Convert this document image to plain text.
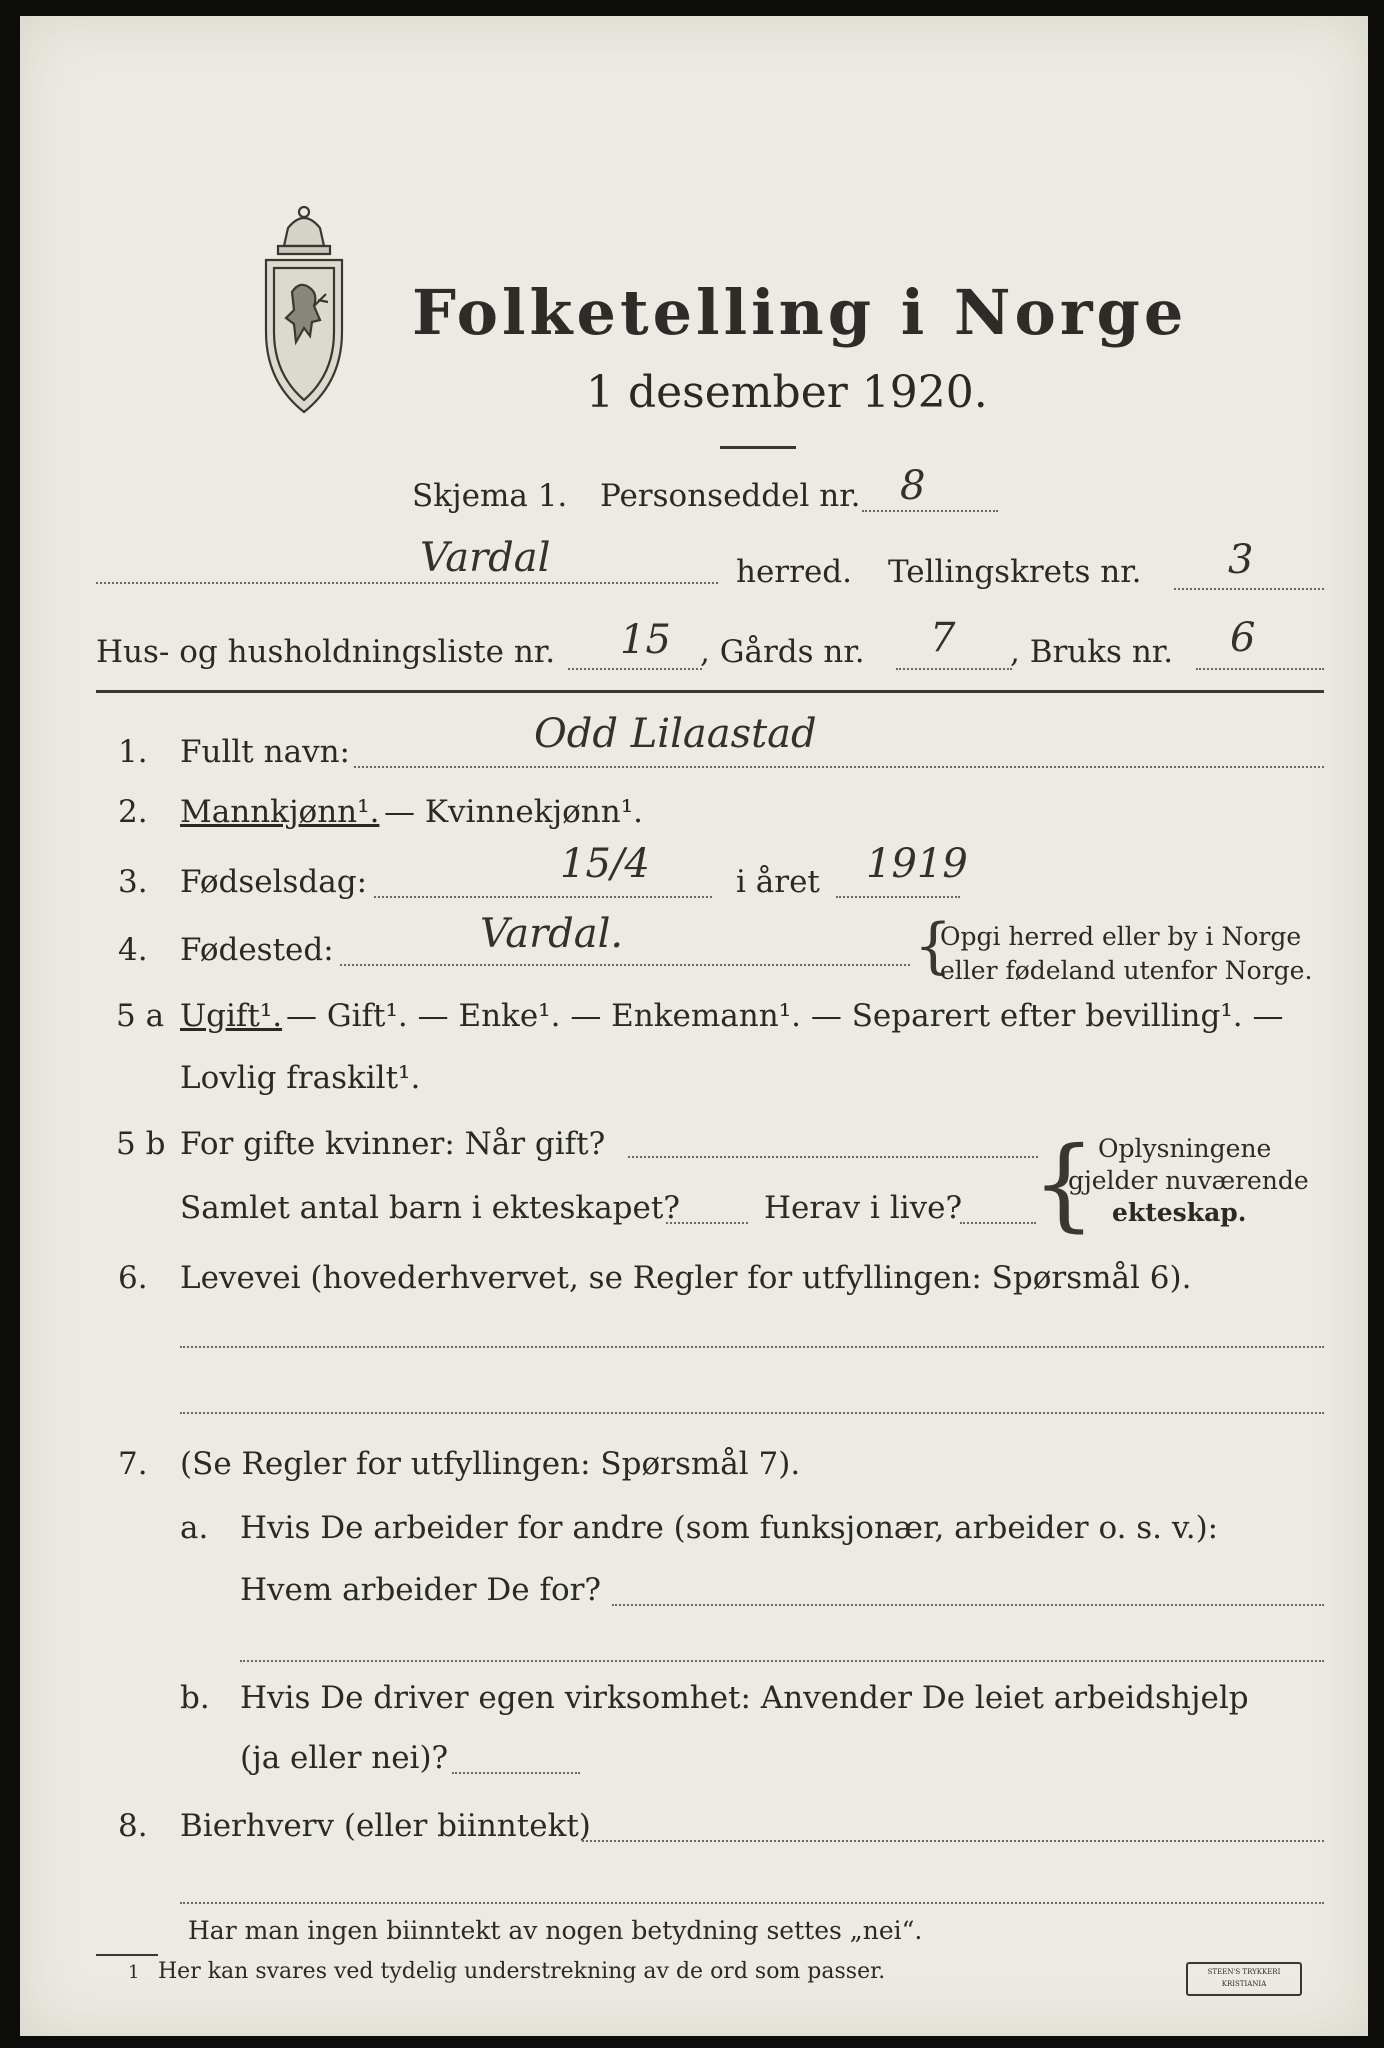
Folketelling i Norge
1 desember 1920.
Skjema 1. Personseddel nr. 8
Vardal	herred. Tellingskrets nr. 3
Hus- og husholdningsliste nr. 15 , Gårds nr. 7 , Bruks nr. 6
1. Fullt navn:	Odd Lilaastad
2. Mannkjønn¹. — Kvinnekjønn¹.
3. Fødselsdag:	15/4	i året 1919
4. Fødested:	Vardal.	{
Opgi herred eller by i Norge
eller fødeland utenfor Norge.
5 a Ugift¹. — Gift¹. — Enke¹. — Enkemann¹. — Separert efter bevilling¹. —
Lovlig fraskilt¹.
5 b For gifte kvinner: Når gift?
Samlet antal barn i ekteskapet?	Herav i live? { Oplysningene
gjelder nuværende
ekteskap.
6. Levevei (hovederhvervet, se Regler for utfyllingen: Spørsmål 6).
7. (Se Regler for utfyllingen: Spørsmål 7).
a. Hvis De arbeider for andre (som funksjonær, arbeider o. s. v.):
Hvem arbeider De for?
b. Hvis De driver egen virksomhet: Anvender De leiet arbeidshjelp
(ja eller nei)?
8. Bierhverv (eller biinntekt)
Har man ingen biinntekt av nogen betydning settes „nei“.
1 Her kan svares ved tydelig understrekning av de ord som passer.	STEEN'S TRYKKERI KRISTIANIA
